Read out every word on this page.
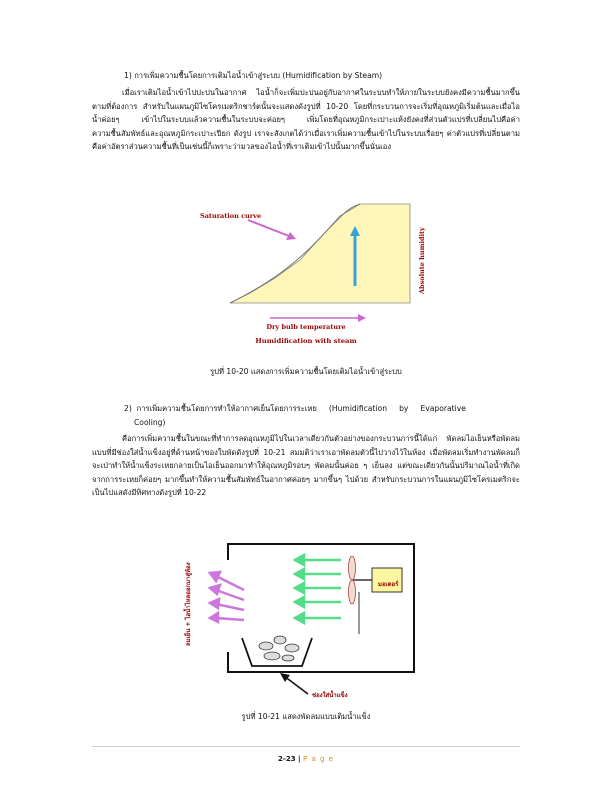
1) การเพิ่มความชื้นโดยการเติมไอน้ำเข้าสู่ระบบ (Humidification by Steam)
เมื่อเราเติมไอน้ำเข้าไปปะปนในอากาศ ไอน้ำก็จะเพิ่มปะปนอยู่กับอากาศในระบบทำให้ภายในระบบยังคงมีความชื้นมากขึ้นตามที่ต้องการ สำหรับในแผนภูมิไซโครเมตริกชาร์ตนั้นจะแสดงดังรูปที่ 10-20 โดยที่กระบวนการจะเริ่มที่อุณหภูมิเริ่มต้นและเมื่อไอน้ำค่อยๆ เข้าไปในระบบแล้วความชื้นในระบบจะค่อยๆ เพิ่มโดยที่อุณหภูมิกระเปาะแห้งยังคงที่ส่วนตัวแปรที่เปลี่ยนไปคือค่าความชื้นสัมพัทธ์และอุณหภูมิกระเปาะเปียก ดังรูป เราจะสังเกตได้ว่าเมื่อเราเพิ่มความชื้นเข้าไปในระบบเรื่อยๆ ค่าตัวแปรที่เปลี่ยนตามคือค่าอัตราส่วนความชื้นที่เป็นเช่นนี้ก็เพราะว่ามวลของไอน้ำที่เราเติมเข้าไปนั้นมากขึ้นนั่นเอง
Saturation curve
Absolute humidity
Dry bulb temperature
Humidification with steam
รูปที่ 10-20 แสดงการเพิ่มความชื้นโดยเติมไอน้ำเข้าสู่ระบบ
2)  การเพิ่มความชื้นโดยการทำให้อากาศเย็นโดยการระเหย     (Humidification     by     Evaporative
Cooling)
คือการเพิ่มความชื้นในขณะที่ทำการลดอุณหภูมิไปในเวลาเดียวกันตัวอย่างของกระบวนการนี้ได้แก่ พัดลมไอเย็นหรือพัดลมแบบที่มีช่องใส่น้ำแข็งอยู่ที่ด้านหน้าของใบพัดดังรูปที่ 10-21 สมมติว่าเราเอาพัดลมตัวนี้ไปวางไว้ในห้อง เมื่อพัดลมเริ่มทำงานพัดลมก็จะเป่าทำให้น้ำแข็งระเหยกลายเป็นไอเย็นออกมาทำให้อุณหภูมิรอบๆ พัดลมนั้นค่อย ๆ เย็นลง แต่ขณะเดียวกันนั้นปริมาณไอน้ำที่เกิดจากการระเหยก็ค่อยๆ มากขึ้นทำให้ความชื้นสัมพัทธ์ในอากาศค่อยๆ มากขึ้นๆ ไปด้วย สำหรับกระบวนการในแผนภูมิไซโครเมตริกจะเป็นไปแสดังมีทิศทางดังรูปที่ 10-22
มอเตอร์
ลมเย็น + ไอน้ำไหลออกมาสู่ห้อง
ช่องใส่น้ำแข็ง
รูปที่ 10-21 แสดงพัดลมแบบเติมน้ำแข็ง
2-23 | P a g e
